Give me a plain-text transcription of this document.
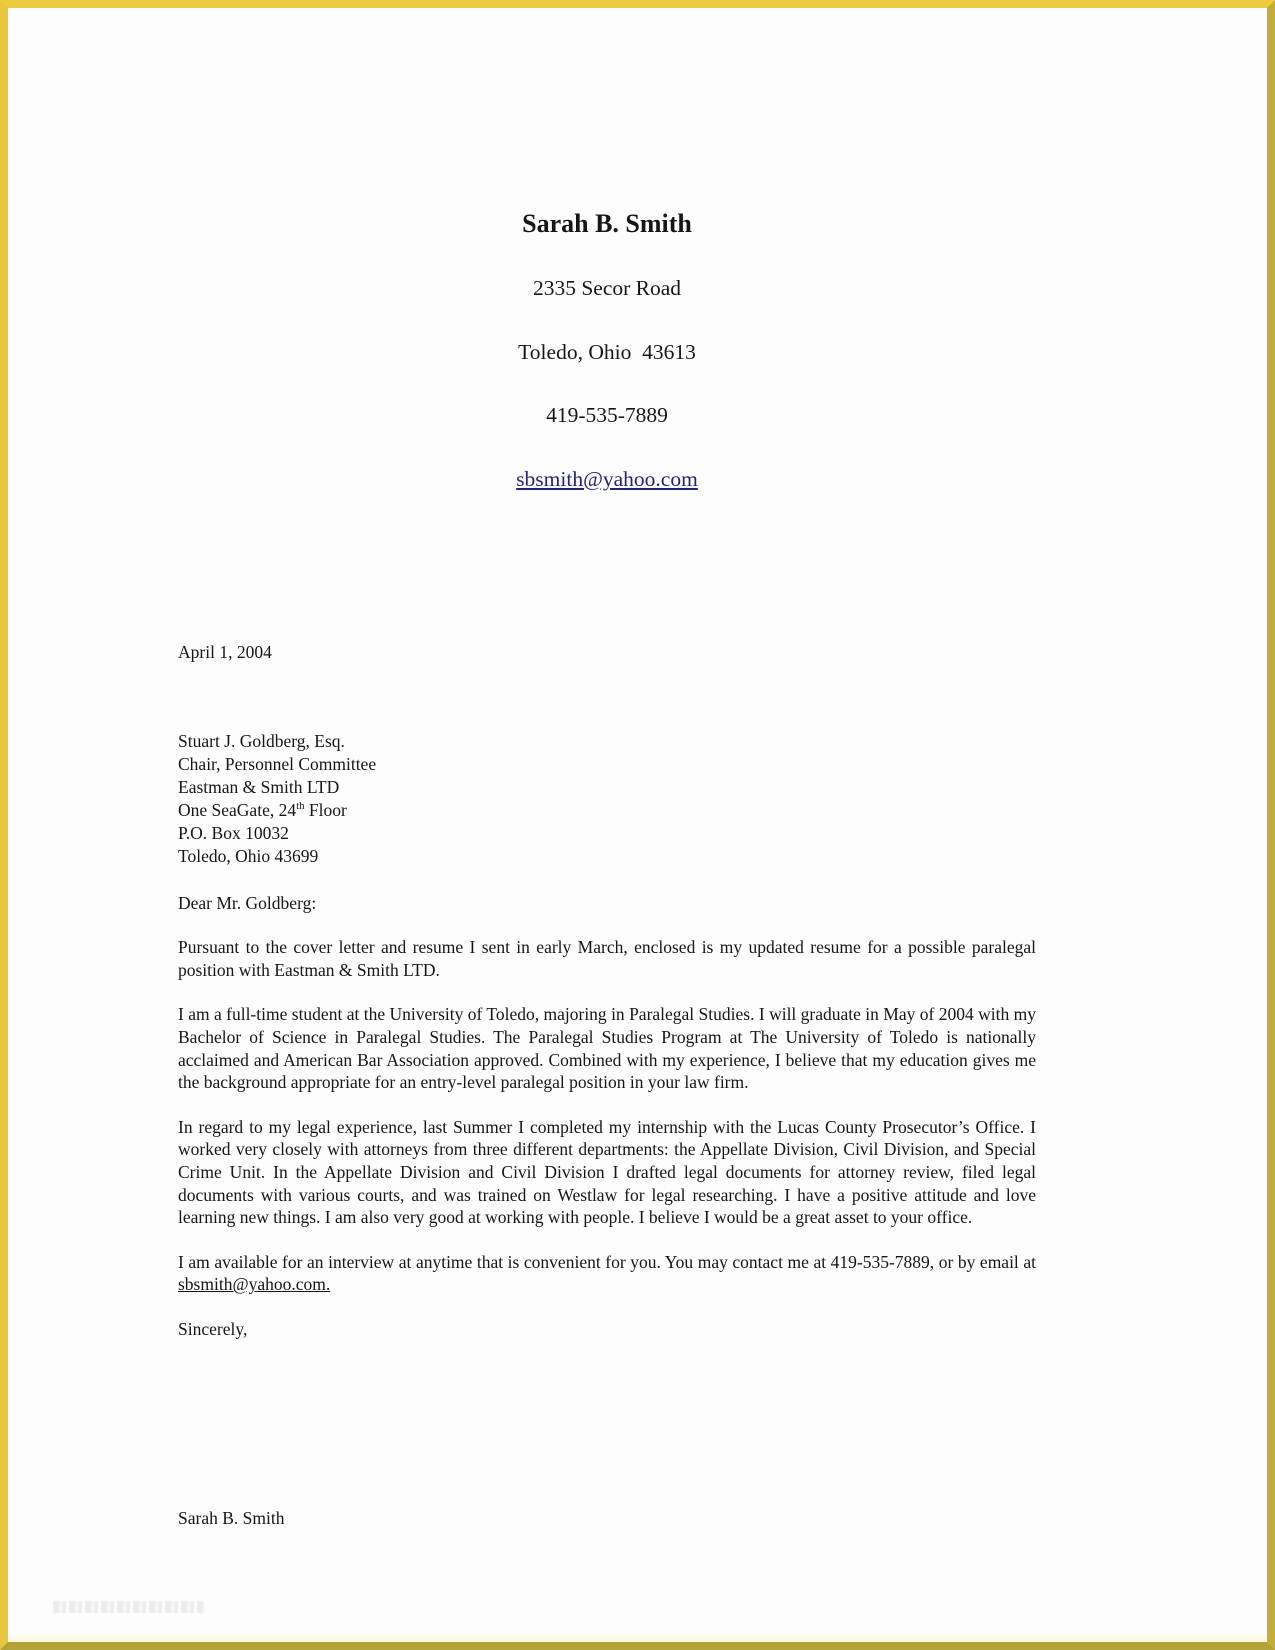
Sarah B. Smith

2335 Secor Road

Toledo, Ohio  43613

419-535-7889

sbsmith@yahoo.com

April 1, 2004
Stuart J. Goldberg, Esq.
Chair, Personnel Committee
Eastman & Smith LTD
One SeaGate, 24th Floor
P.O. Box 10032
Toledo, Ohio 43699
Dear Mr. Goldberg:

Pursuant to the cover letter and resume I sent in early March, enclosed is my updated resume for a possible paralegal position with Eastman & Smith LTD.

I am a full-time student at the University of Toledo, majoring in Paralegal Studies. I will graduate in May of 2004 with my Bachelor of Science in Paralegal Studies. The Paralegal Studies Program at The University of Toledo is nationally acclaimed and American Bar Association approved. Combined with my experience, I believe that my education gives me the background appropriate for an entry-level paralegal position in your law firm.

In regard to my legal experience, last Summer I completed my internship with the Lucas County Prosecutor’s Office. I worked very closely with attorneys from three different departments: the Appellate Division, Civil Division, and Special Crime Unit. In the Appellate Division and Civil Division I drafted legal documents for attorney review, filed legal documents with various courts, and was trained on Westlaw for legal researching. I have a positive attitude and love learning new things. I am also very good at working with people. I believe I would be a great asset to your office.

I am available for an interview at anytime that is convenient for you. You may contact me at 419-535-7889, or by email at sbsmith@yahoo.com.

Sincerely,
Sarah B. Smith
